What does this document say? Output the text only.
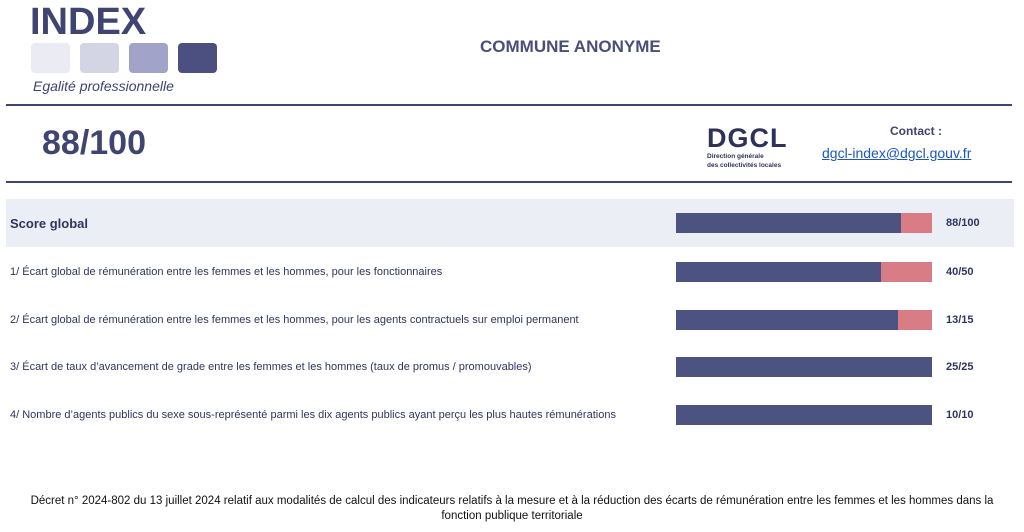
INDEX
Egalité professionnelle
COMMUNE ANONYME
88/100	DGCL
Direction générale
des collectivités locales
Contact :
dgcl-index@dgcl.gouv.fr
Score global	88/100
1/ Écart global de rémunération entre les femmes et les hommes, pour les fonctionnaires	40/50
2/ Écart global de rémunération entre les femmes et les hommes, pour les agents contractuels sur emploi permanent	13/15
3/ Écart de taux d’avancement de grade entre les femmes et les hommes (taux de promus / promouvables)	25/25
4/ Nombre d’agents publics du sexe sous-représenté parmi les dix agents publics ayant perçu les plus hautes rémunérations	10/10
Décret n° 2024-802 du 13 juillet 2024 relatif aux modalités de calcul des indicateurs relatifs à la mesure et à la réduction des écarts de rémunération entre les femmes et les hommes dans la fonction publique territoriale
